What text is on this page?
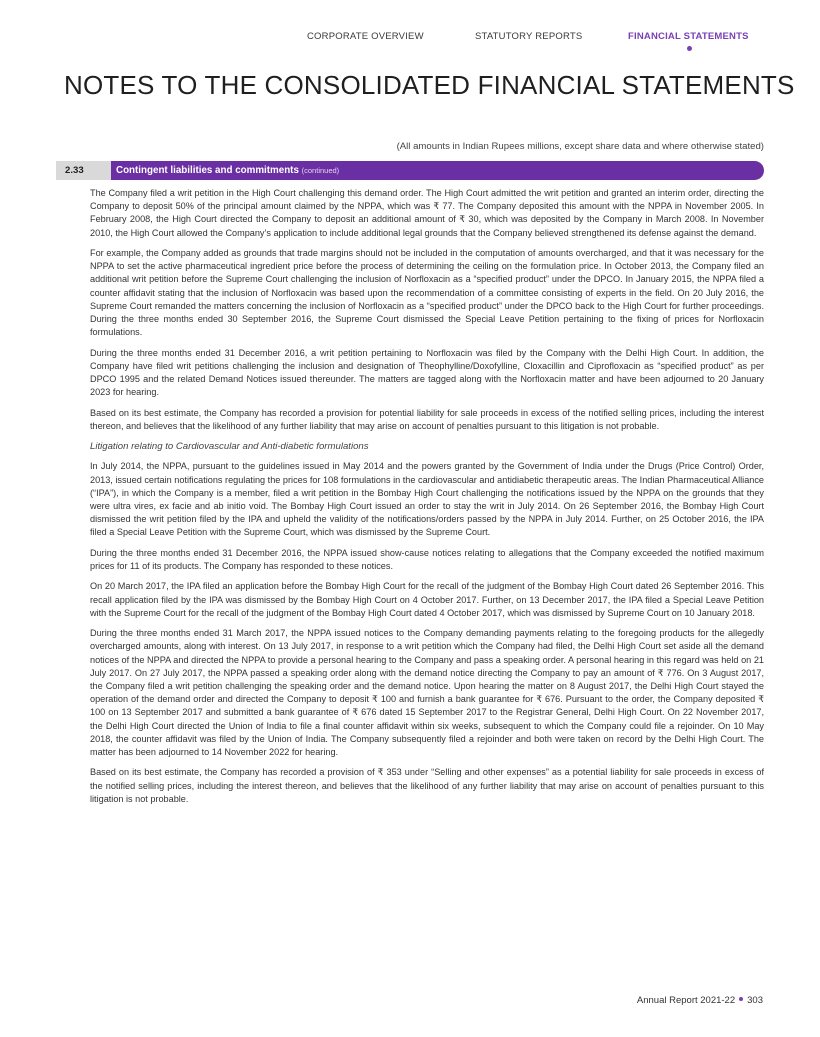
CORPORATE OVERVIEW	STATUTORY REPORTS	FINANCIAL STATEMENTS
NOTES TO THE CONSOLIDATED FINANCIAL STATEMENTS
(All amounts in Indian Rupees millions, except share data and where otherwise stated)
2.33	Contingent liabilities and commitments (continued)

The Company filed a writ petition in the High Court challenging this demand order. The High Court admitted the writ petition and granted an interim order, directing the Company to deposit 50% of the principal amount claimed by the NPPA, which was ₹ 77. The Company deposited this amount with the NPPA in November 2005. In February 2008, the High Court directed the Company to deposit an additional amount of ₹ 30, which was deposited by the Company in March 2008. In November 2010, the High Court allowed the Company’s application to include additional legal grounds that the Company believed strengthened its defense against the demand.

For example, the Company added as grounds that trade margins should not be included in the computation of amounts overcharged, and that it was necessary for the NPPA to set the active pharmaceutical ingredient price before the process of determining the ceiling on the formulation price. In October 2013, the Company filed an additional writ petition before the Supreme Court challenging the inclusion of Norfloxacin as a “specified product” under the DPCO. In January 2015, the NPPA filed a counter affidavit stating that the inclusion of Norfloxacin was based upon the recommendation of a committee consisting of experts in the field. On 20 July 2016, the Supreme Court remanded the matters concerning the inclusion of Norfloxacin as a “specified product” under the DPCO back to the High Court for further proceedings. During the three months ended 30 September 2016, the Supreme Court dismissed the Special Leave Petition pertaining to the fixing of prices for Norfloxacin formulations.

During the three months ended 31 December 2016, a writ petition pertaining to Norfloxacin was filed by the Company with the Delhi High Court. In addition, the Company have filed writ petitions challenging the inclusion and designation of Theophylline/Doxofylline, Cloxacillin and Ciprofloxacin as “specified product” as per DPCO 1995 and the related Demand Notices issued thereunder. The matters are tagged along with the Norfloxacin matter and have been adjourned to 20 January 2023 for hearing.

Based on its best estimate, the Company has recorded a provision for potential liability for sale proceeds in excess of the notified selling prices, including the interest thereon, and believes that the likelihood of any further liability that may arise on account of penalties pursuant to this litigation is not probable.

Litigation relating to Cardiovascular and Anti-diabetic formulations

In July 2014, the NPPA, pursuant to the guidelines issued in May 2014 and the powers granted by the Government of India under the Drugs (Price Control) Order, 2013, issued certain notifications regulating the prices for 108 formulations in the cardiovascular and antidiabetic therapeutic areas. The Indian Pharmaceutical Alliance (“IPA”), in which the Company is a member, filed a writ petition in the Bombay High Court challenging the notifications issued by the NPPA on the grounds that they were ultra vires, ex facie and ab initio void. The Bombay High Court issued an order to stay the writ in July 2014. On 26 September 2016, the Bombay High Court dismissed the writ petition filed by the IPA and upheld the validity of the notifications/orders passed by the NPPA in July 2014. Further, on 25 October 2016, the IPA filed a Special Leave Petition with the Supreme Court, which was dismissed by the Supreme Court.

During the three months ended 31 December 2016, the NPPA issued show-cause notices relating to allegations that the Company exceeded the notified maximum prices for 11 of its products. The Company has responded to these notices.

On 20 March 2017, the IPA filed an application before the Bombay High Court for the recall of the judgment of the Bombay High Court dated 26 September 2016. This recall application filed by the IPA was dismissed by the Bombay High Court on 4 October 2017. Further, on 13 December 2017, the IPA filed a Special Leave Petition with the Supreme Court for the recall of the judgment of the Bombay High Court dated 4 October 2017, which was dismissed by Supreme Court on 10 January 2018.

During the three months ended 31 March 2017, the NPPA issued notices to the Company demanding payments relating to the foregoing products for the allegedly overcharged amounts, along with interest. On 13 July 2017, in response to a writ petition which the Company had filed, the Delhi High Court set aside all the demand notices of the NPPA and directed the NPPA to provide a personal hearing to the Company and pass a speaking order. A personal hearing in this regard was held on 21 July 2017. On 27 July 2017, the NPPA passed a speaking order along with the demand notice directing the Company to pay an amount of ₹ 776. On 3 August 2017, the Company filed a writ petition challenging the speaking order and the demand notice. Upon hearing the matter on 8 August 2017, the Delhi High Court stayed the operation of the demand order and directed the Company to deposit ₹ 100 and furnish a bank guarantee for ₹ 676. Pursuant to the order, the Company deposited ₹ 100 on 13 September 2017 and submitted a bank guarantee of ₹ 676 dated 15 September 2017 to the Registrar General, Delhi High Court. On 22 November 2017, the Delhi High Court directed the Union of India to file a final counter affidavit within six weeks, subsequent to which the Company could file a rejoinder. On 10 May 2018, the counter affidavit was filed by the Union of India. The Company subsequently filed a rejoinder and both were taken on record by the Delhi High Court. The matter has been adjourned to 14 November 2022 for hearing.

Based on its best estimate, the Company has recorded a provision of ₹ 353 under “Selling and other expenses” as a potential liability for sale proceeds in excess of the notified selling prices, including the interest thereon, and believes that the likelihood of any further liability that may arise on account of penalties pursuant to this litigation is not probable.

Annual Report 2021-22 303
